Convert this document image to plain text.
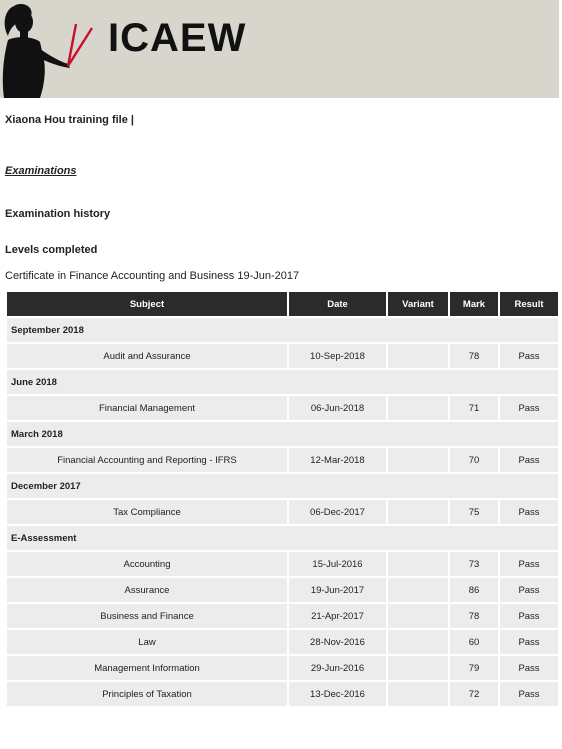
ICAEW
Xiaona Hou training file |
Examinations
Examination history
Levels completed
Certificate in Finance Accounting and Business 19-Jun-2017
Subject	Date	Variant	Mark	Result
September 2018				
Audit and Assurance	10-Sep-2018		78	Pass
June 2018				
Financial Management	06-Jun-2018		71	Pass
March 2018				
Financial Accounting and Reporting - IFRS	12-Mar-2018		70	Pass
December 2017				
Tax Compliance	06-Dec-2017		75	Pass
E-Assessment				
Accounting	15-Jul-2016		73	Pass
Assurance	19-Jun-2017		86	Pass
Business and Finance	21-Apr-2017		78	Pass
Law	28-Nov-2016		60	Pass
Management Information	29-Jun-2016		79	Pass
Principles of Taxation	13-Dec-2016		72	Pass
